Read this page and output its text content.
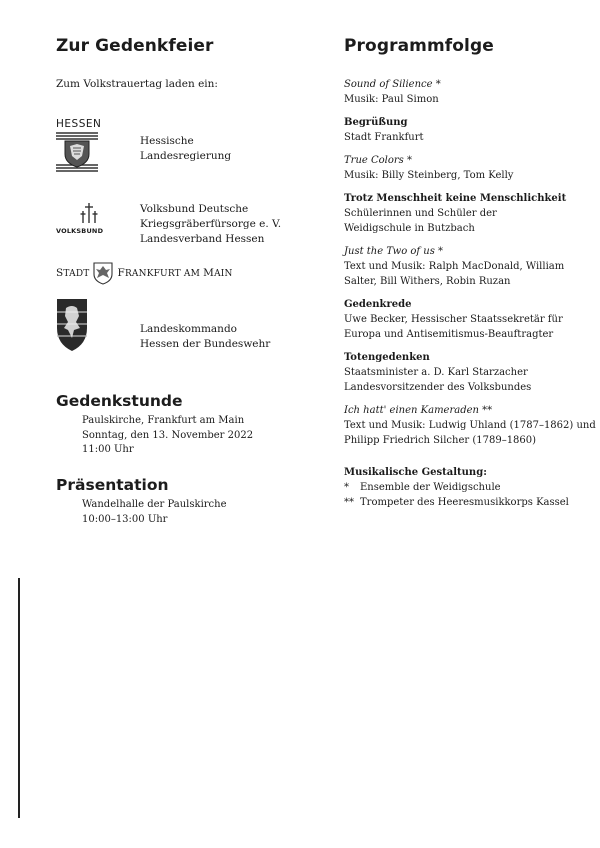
Zur Gedenkfeier
Zum Volkstrauertag laden ein:
HESSEN
Hessische
Landesregierung
VOLKSBUND
Volksbund Deutsche
Kriegsgräberfürsorge e. V.
Landesverband Hessen
STADT	FRANKFURT AM MAIN
Landeskommando
Hessen der Bundeswehr
Gedenkstunde
Paulskirche, Frankfurt am Main
Sonntag, den 13. November 2022
11:00 Uhr
Präsentation
Wandelhalle der Paulskirche
10:00–13:00 Uhr
Programmfolge
Sound of Silience *
Musik: Paul Simon
Begrüßung
Stadt Frankfurt
True Colors *
Musik: Billy Steinberg, Tom Kelly
Trotz Menschheit keine Menschlichkeit
Schülerinnen und Schüler der
Weidigschule in Butzbach
Just the Two of us *
Text und Musik: Ralph MacDonald, William
Salter, Bill Withers, Robin Ruzan
Gedenkrede
Uwe Becker, Hessischer Staatssekretär für
Europa und Antisemitismus-Beauftragter
Totengedenken
Staatsminister a. D. Karl Starzacher
Landesvorsitzender des Volksbundes
Ich hatt' einen Kameraden **
Text und Musik: Ludwig Uhland (1787–1862) und
Philipp Friedrich Silcher (1789–1860)
Musikalische Gestaltung:
*	Ensemble der Weidigschule
** Trompeter des Heeresmusikkorps Kassel
